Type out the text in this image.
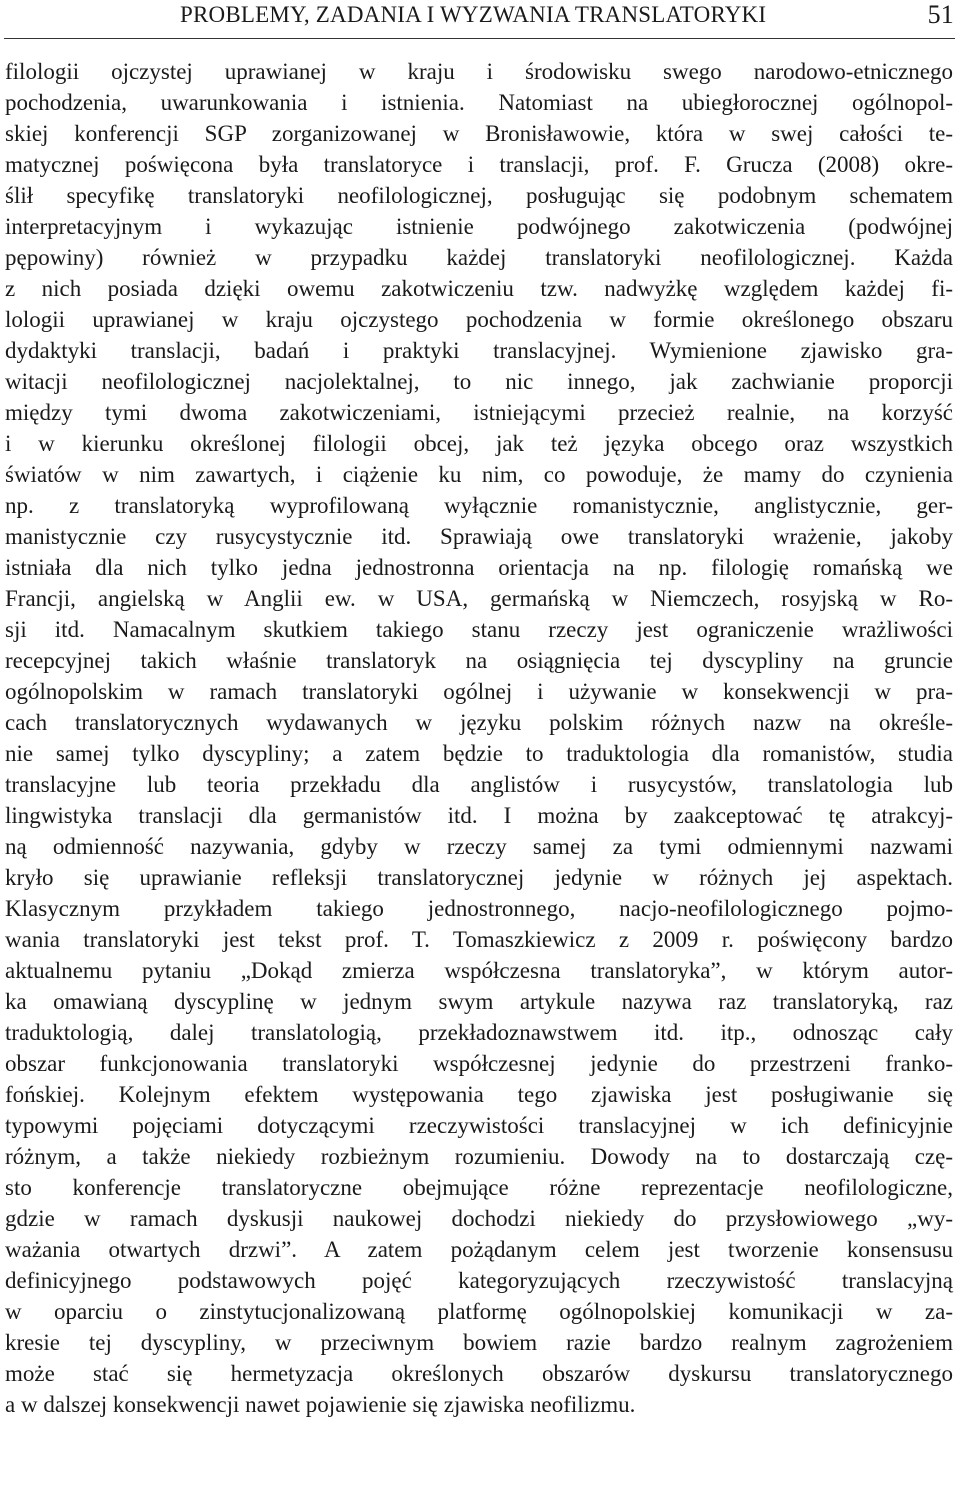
PROBLEMY, ZADANIA I WYZWANIA TRANSLATORYKI	51
filologii ojczystej uprawianej w kraju i środowisku swego narodowo-etnicznego
pochodzenia, uwarunkowania i istnienia. Natomiast na ubiegłorocznej ogólnopol-
skiej konferencji SGP zorganizowanej w Bronisławowie, która w swej całości te-
matycznej poświęcona była translatoryce i translacji, prof. F. Grucza (2008) okre-
ślił specyfikę translatoryki neofilologicznej, posługując się podobnym schematem
interpretacyjnym i wykazując istnienie podwójnego zakotwiczenia (podwójnej
pępowiny) również w przypadku każdej translatoryki neofilologicznej. Każda
z nich posiada dzięki owemu zakotwiczeniu tzw. nadwyżkę względem każdej fi-
lologii uprawianej w kraju ojczystego pochodzenia w formie określonego obszaru
dydaktyki translacji, badań i praktyki translacyjnej. Wymienione zjawisko gra-
witacji neofilologicznej nacjolektalnej, to nic innego, jak zachwianie proporcji
między tymi dwoma zakotwiczeniami, istniejącymi przecież realnie, na korzyść
i w kierunku określonej filologii obcej, jak też języka obcego oraz wszystkich
światów w nim zawartych, i ciążenie ku nim, co powoduje, że mamy do czynienia
np. z translatoryką wyprofilowaną wyłącznie romanistycznie, anglistycznie, ger-
manistycznie czy rusycystycznie itd. Sprawiają owe translatoryki wrażenie, jakoby
istniała dla nich tylko jedna jednostronna orientacja na np. filologię romańską we
Francji, angielską w Anglii ew. w USA, germańską w Niemczech, rosyjską w Ro-
sji itd. Namacalnym skutkiem takiego stanu rzeczy jest ograniczenie wrażliwości
recepcyjnej takich właśnie translatoryk na osiągnięcia tej dyscypliny na gruncie
ogólnopolskim w ramach translatoryki ogólnej i używanie w konsekwencji w pra-
cach translatorycznych wydawanych w języku polskim różnych nazw na określe-
nie samej tylko dyscypliny; a zatem będzie to traduktologia dla romanistów, studia
translacyjne lub teoria przekładu dla anglistów i rusycystów, translatologia lub
lingwistyka translacji dla germanistów itd. I można by zaakceptować tę atrakcyj-
ną odmienność nazywania, gdyby w rzeczy samej za tymi odmiennymi nazwami
kryło się uprawianie refleksji translatorycznej jedynie w różnych jej aspektach.
Klasycznym przykładem takiego jednostronnego, nacjo-neofilologicznego pojmo-
wania translatoryki jest tekst prof. T. Tomaszkiewicz z 2009 r. poświęcony bardzo
aktualnemu pytaniu „Dokąd zmierza współczesna translatoryka”, w którym autor-
ka omawianą dyscyplinę w jednym swym artykule nazywa raz translatoryką, raz
traduktologią, dalej translatologią, przekładoznawstwem itd. itp., odnosząc cały
obszar funkcjonowania translatoryki współczesnej jedynie do przestrzeni franko-
fońskiej. Kolejnym efektem występowania tego zjawiska jest posługiwanie się
typowymi pojęciami dotyczącymi rzeczywistości translacyjnej w ich definicyjnie
różnym, a także niekiedy rozbieżnym rozumieniu. Dowody na to dostarczają czę-
sto konferencje translatoryczne obejmujące różne reprezentacje neofilologiczne,
gdzie w ramach dyskusji naukowej dochodzi niekiedy do przysłowiowego „wy-
ważania otwartych drzwi”. A zatem pożądanym celem jest tworzenie konsensusu
definicyjnego podstawowych pojęć kategoryzujących rzeczywistość translacyjną
w oparciu o zinstytucjonalizowaną platformę ogólnopolskiej komunikacji w za-
kresie tej dyscypliny, w przeciwnym bowiem razie bardzo realnym zagrożeniem
może stać się hermetyzacja określonych obszarów dyskursu translatorycznego
a w dalszej konsekwencji nawet pojawienie się zjawiska neofilizmu.
